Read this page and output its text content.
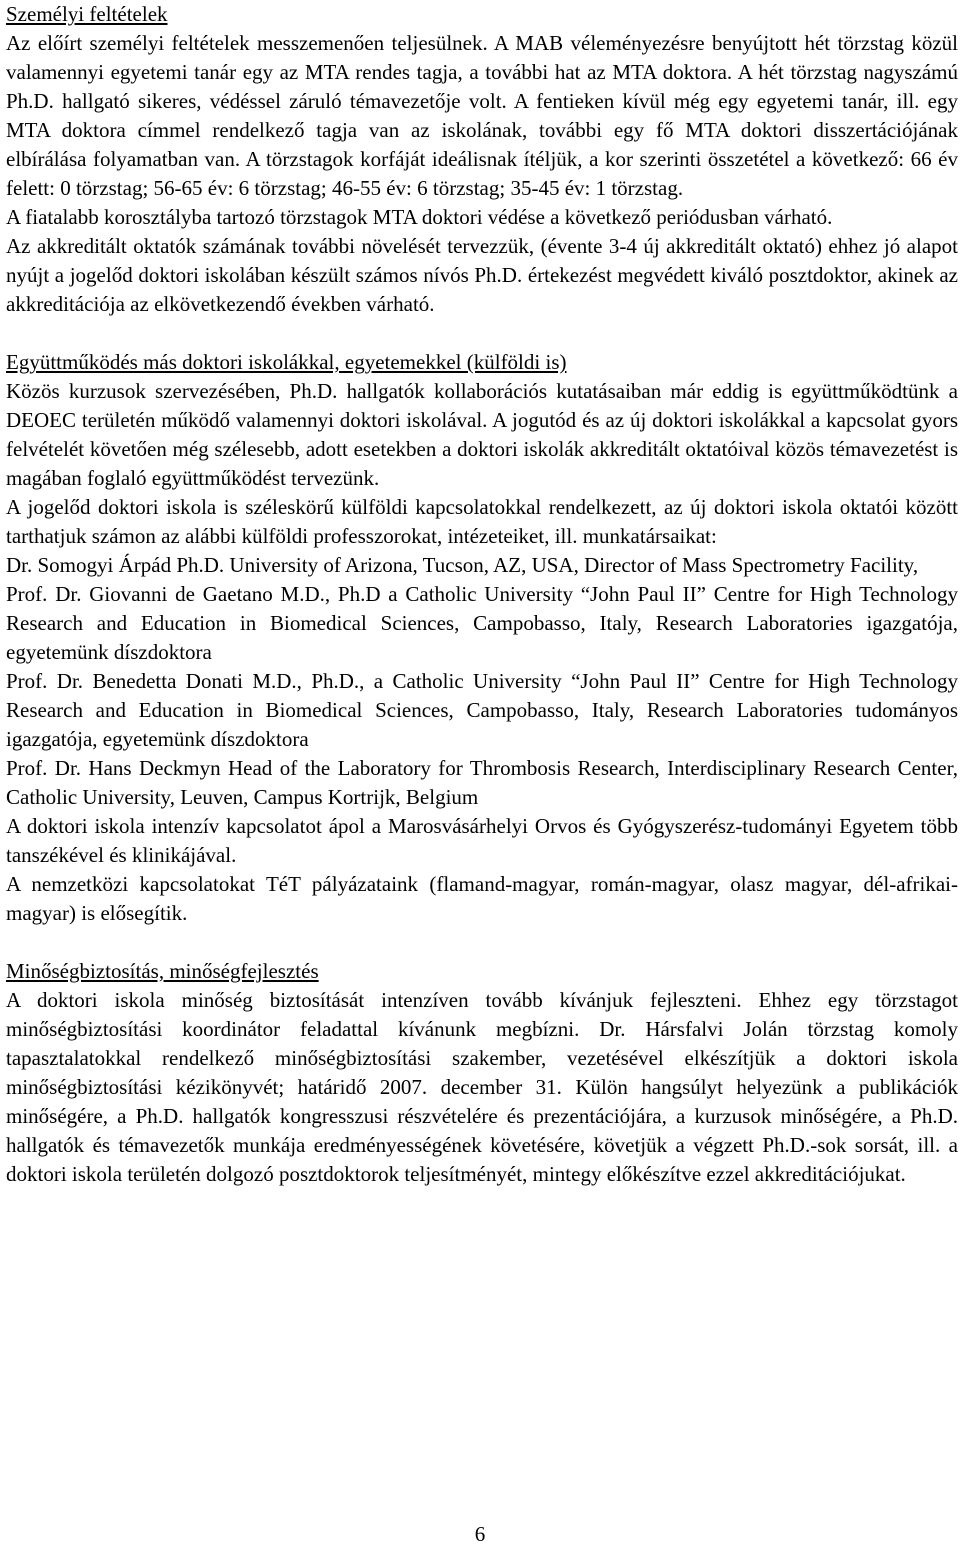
Személyi feltételek

Az előírt személyi feltételek messzemenően teljesülnek. A MAB véleményezésre benyújtott hét törzstag közül valamennyi egyetemi tanár egy az MTA rendes tagja, a további hat az MTA doktora. A hét törzstag nagyszámú Ph.D. hallgató sikeres, védéssel záruló témavezetője volt. A fentieken kívül még egy egyetemi tanár, ill. egy MTA doktora címmel rendelkező tagja van az iskolának, további egy fő MTA doktori disszertációjának elbírálása folyamatban van. A törzstagok korfáját ideálisnak ítéljük, a kor szerinti összetétel a következő: 66 év felett: 0 törzstag; 56-65 év: 6 törzstag; 46-55 év: 6 törzstag; 35-45 év: 1 törzstag.

A fiatalabb korosztályba tartozó törzstagok MTA doktori védése a következő periódusban várható.

Az akkreditált oktatók számának további növelését tervezzük, (évente 3-4 új akkreditált oktató) ehhez jó alapot nyújt a jogelőd doktori iskolában készült számos nívós Ph.D. értekezést megvédett kiváló posztdoktor, akinek az akkreditációja az elkövetkezendő években várható.

Együttműködés más doktori iskolákkal, egyetemekkel (külföldi is)

Közös kurzusok szervezésében, Ph.D. hallgatók kollaborációs kutatásaiban már eddig is együttműködtünk a DEOEC területén működő valamennyi doktori iskolával. A jogutód és az új doktori iskolákkal a kapcsolat gyors felvételét követően még szélesebb, adott esetekben a doktori iskolák akkreditált oktatóival közös témavezetést is magában foglaló együttműködést tervezünk.

A jogelőd doktori iskola is széleskörű külföldi kapcsolatokkal rendelkezett, az új doktori iskola oktatói között tarthatjuk számon az alábbi külföldi professzorokat, intézeteiket, ill. munkatársaikat:

Dr. Somogyi Árpád Ph.D. University of Arizona, Tucson, AZ, USA, Director of Mass Spectrometry Facility,

Prof. Dr. Giovanni de Gaetano M.D., Ph.D a Catholic University “John Paul II” Centre for High Technology Research and Education in Biomedical Sciences, Campobasso, Italy, Research Laboratories igazgatója, egyetemünk díszdoktora

Prof. Dr. Benedetta Donati M.D., Ph.D., a Catholic University “John Paul II” Centre for High Technology Research and Education in Biomedical Sciences, Campobasso, Italy, Research Laboratories tudományos igazgatója, egyetemünk díszdoktora

Prof. Dr. Hans Deckmyn Head of the Laboratory for Thrombosis Research, Interdisciplinary Research Center, Catholic University, Leuven, Campus Kortrijk, Belgium

A doktori iskola intenzív kapcsolatot ápol a Marosvásárhelyi Orvos és Gyógyszerész-tudományi Egyetem több tanszékével és klinikájával.

A nemzetközi kapcsolatokat TéT pályázataink (flamand-magyar, román-magyar, olasz magyar, dél-afrikai-magyar) is elősegítik.

Minőségbiztosítás, minőségfejlesztés

A doktori iskola minőség biztosítását intenzíven tovább kívánjuk fejleszteni. Ehhez egy törzstagot minőségbiztosítási koordinátor feladattal kívánunk megbízni. Dr. Hársfalvi Jolán törzstag komoly tapasztalatokkal rendelkező minőségbiztosítási szakember, vezetésével elkészítjük a doktori iskola minőségbiztosítási kézikönyvét; határidő 2007. december 31. Külön hangsúlyt helyezünk a publikációk minőségére, a Ph.D. hallgatók kongresszusi részvételére és prezentációjára, a kurzusok minőségére, a Ph.D. hallgatók és témavezetők munkája eredményességének követésére, követjük a végzett Ph.D.-sok sorsát, ill. a doktori iskola területén dolgozó posztdoktorok teljesítményét, mintegy előkészítve ezzel akkreditációjukat.

6
